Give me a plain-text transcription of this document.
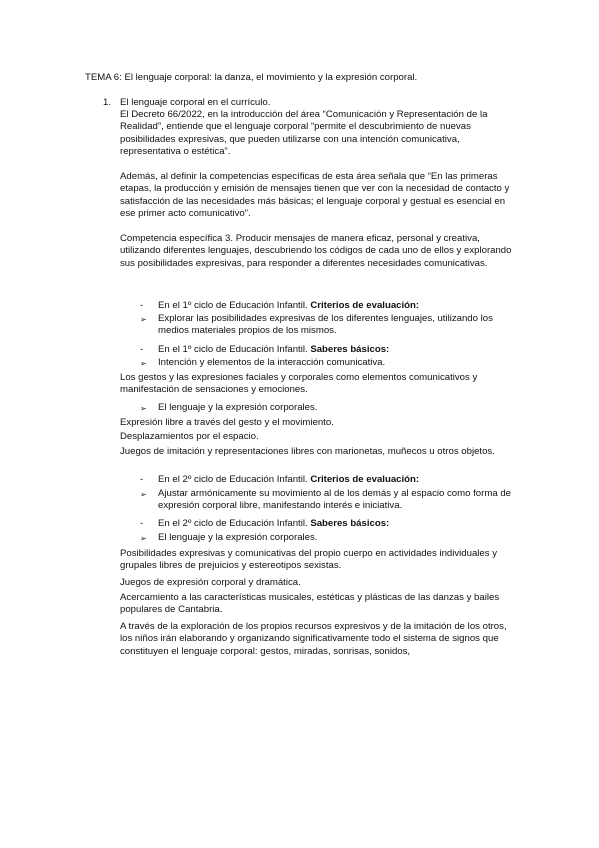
TEMA 6: El lenguaje corporal: la danza, el movimiento y la expresión corporal.
1. El lenguaje corporal en el currículo.
El Decreto 66/2022, en la introducción del área “Comunicación y Representación de la Realidad”, entiende que el lenguaje corporal “permite el descubrimiento de nuevas posibilidades expresivas, que pueden utilizarse con una intención comunicativa, representativa o estética”.
Además, al definir la competencias específicas de esta área señala que “En las primeras etapas, la producción y emisión de mensajes tienen que ver con la necesidad de contacto y satisfacción de las necesidades más básicas; el lenguaje corporal y gestual es esencial en ese primer acto comunicativo”.
Competencia específica 3. Producir mensajes de manera eficaz, personal y creativa, utilizando diferentes lenguajes, descubriendo los códigos de cada uno de ellos y explorando sus posibilidades expresivas, para responder a diferentes necesidades comunicativas.
- En el 1º ciclo de Educación Infantil. Criterios de evaluación:
➢ Explorar las posibilidades expresivas de los diferentes lenguajes, utilizando los medios materiales propios de los mismos.
- En el 1º ciclo de Educación Infantil. Saberes básicos:
➢ Intención y elementos de la interacción comunicativa.
Los gestos y las expresiones faciales y corporales como elementos comunicativos y manifestación de sensaciones y emociones.
➢ El lenguaje y la expresión corporales.
Expresión libre a través del gesto y el movimiento.
Desplazamientos por el espacio.
Juegos de imitación y representaciones libres con marionetas, muñecos u otros objetos.
- En el 2º ciclo de Educación Infantil. Criterios de evaluación:
➢ Ajustar armónicamente su movimiento al de los demás y al espacio como forma de expresión corporal libre, manifestando interés e iniciativa.
- En el 2º ciclo de Educación Infantil. Saberes básicos:
➢ El lenguaje y la expresión corporales.
Posibilidades expresivas y comunicativas del propio cuerpo en actividades individuales y grupales libres de prejuicios y estereotipos sexistas.
Juegos de expresión corporal y dramática.
Acercamiento a las características musicales, estéticas y plásticas de las danzas y bailes populares de Cantabria.
A través de la exploración de los propios recursos expresivos y de la imitación de los otros, los niños irán elaborando y organizando significativamente todo el sistema de signos que constituyen el lenguaje corporal: gestos, miradas, sonrisas, sonidos,
